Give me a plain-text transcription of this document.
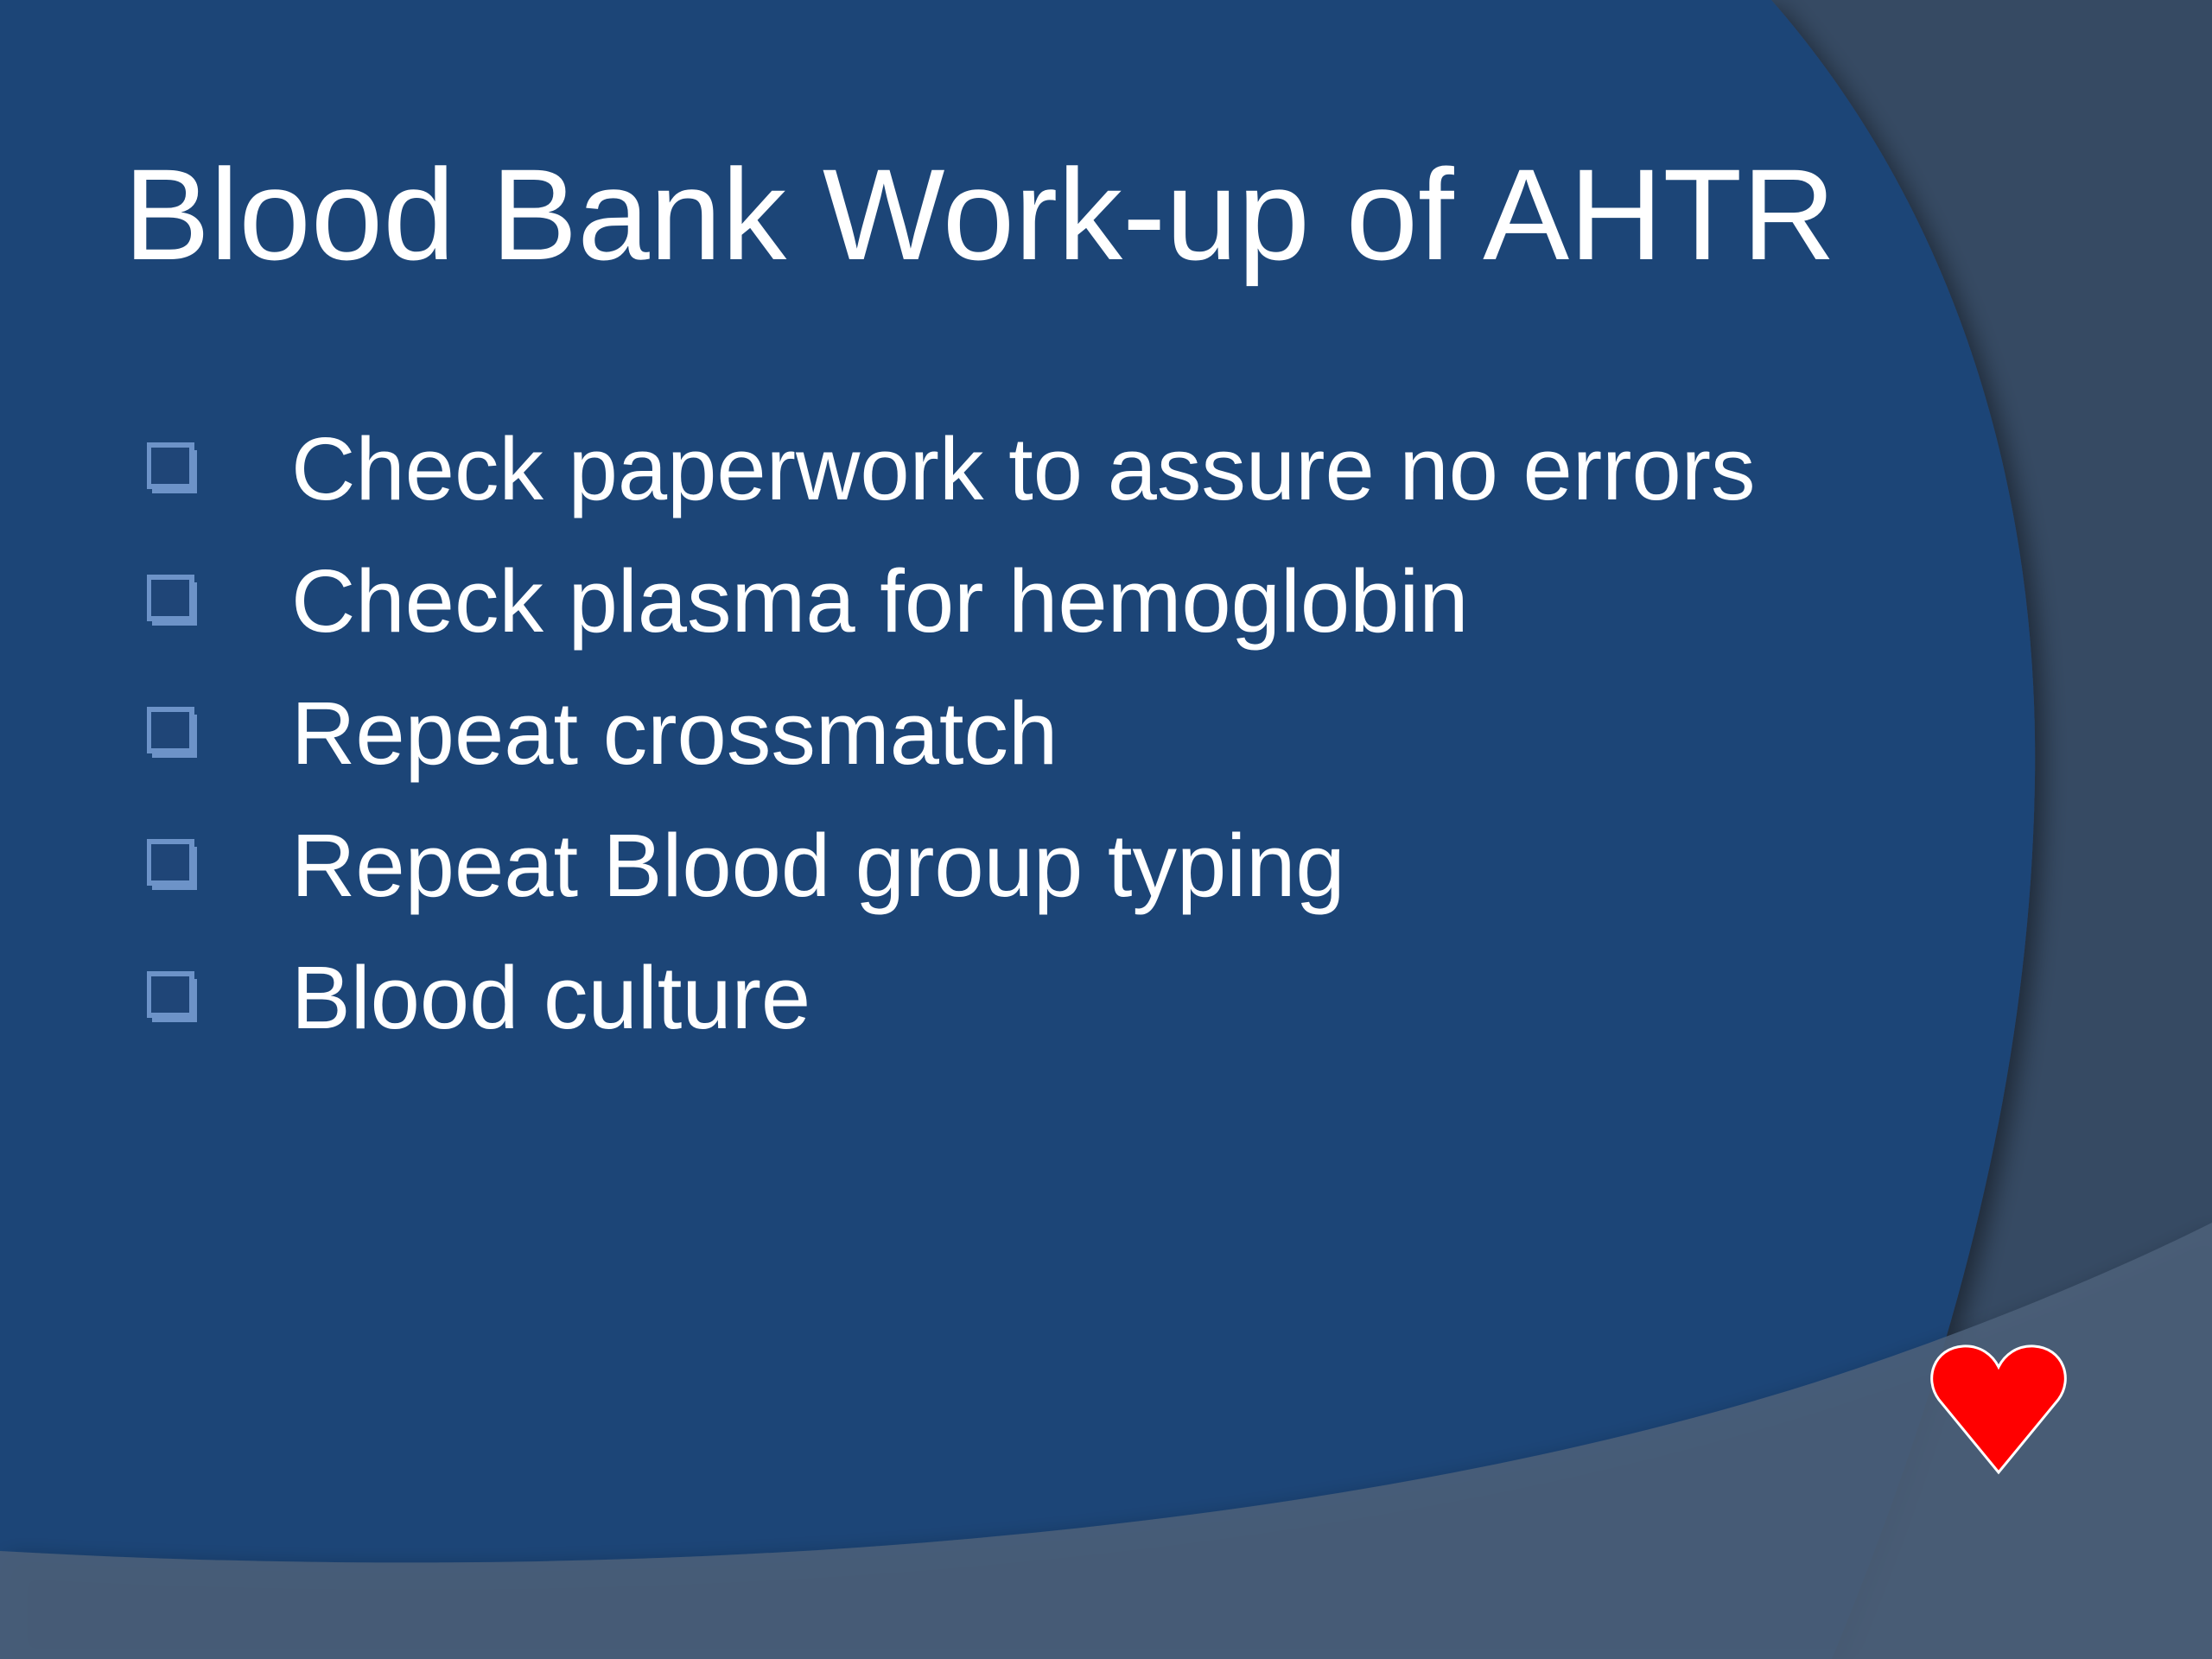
Blood Bank Work-up of AHTR
Check paperwork to assure no errors
Check plasma for hemoglobin
Repeat crossmatch
Repeat Blood group typing
Blood culture
